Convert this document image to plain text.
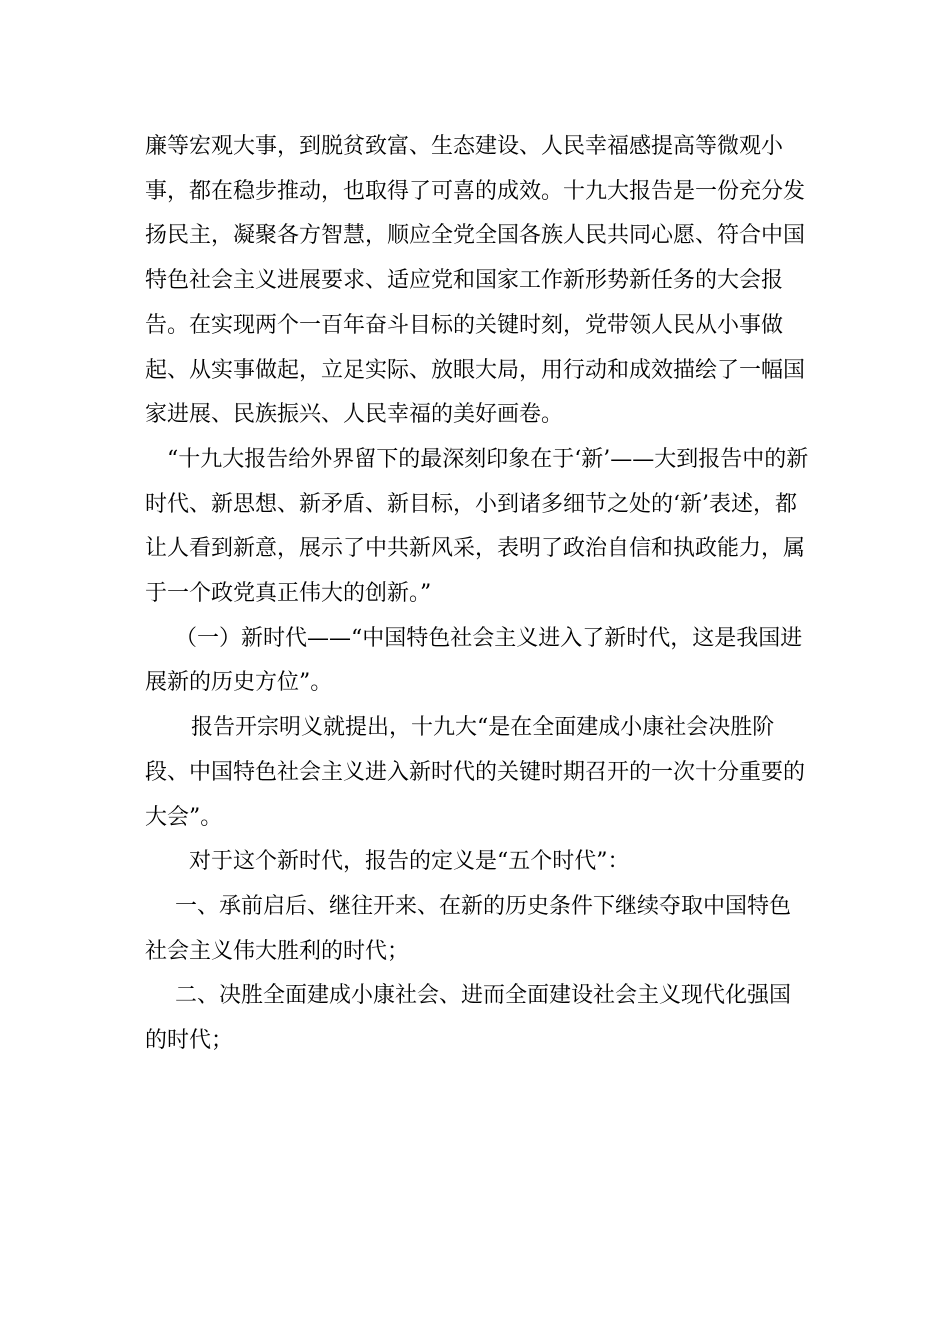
廉等宏观大事，到脱贫致富、生态建设、人民幸福感提高等微观小事，都在稳步推动，也取得了可喜的成效。十九大报告是一份充分发扬民主，凝聚各方智慧，顺应全党全国各族人民共同心愿、符合中国特色社会主义进展要求、适应党和国家工作新形势新任务的大会报告。在实现两个一百年奋斗目标的关键时刻，党带领人民从小事做起、从实事做起，立足实际、放眼大局，用行动和成效描绘了一幅国家进展、民族振兴、人民幸福的美好画卷。

“十九大报告给外界留下的最深刻印象在于‘新’——大到报告中的新时代、新思想、新矛盾、新目标，小到诸多细节之处的‘新’表述，都让人看到新意，展示了中共新风采，表明了政治自信和执政能力，属于一个政党真正伟大的创新。”

（一）新时代——“中国特色社会主义进入了新时代，这是我国进展新的历史方位”。

报告开宗明义就提出，十九大“是在全面建成小康社会决胜阶段、中国特色社会主义进入新时代的关键时期召开的一次十分重要的大会”。

对于这个新时代，报告的定义是“五个时代”：

一、承前启后、继往开来、在新的历史条件下继续夺取中国特色社会主义伟大胜利的时代；

二、决胜全面建成小康社会、进而全面建设社会主义现代化强国的时代；
